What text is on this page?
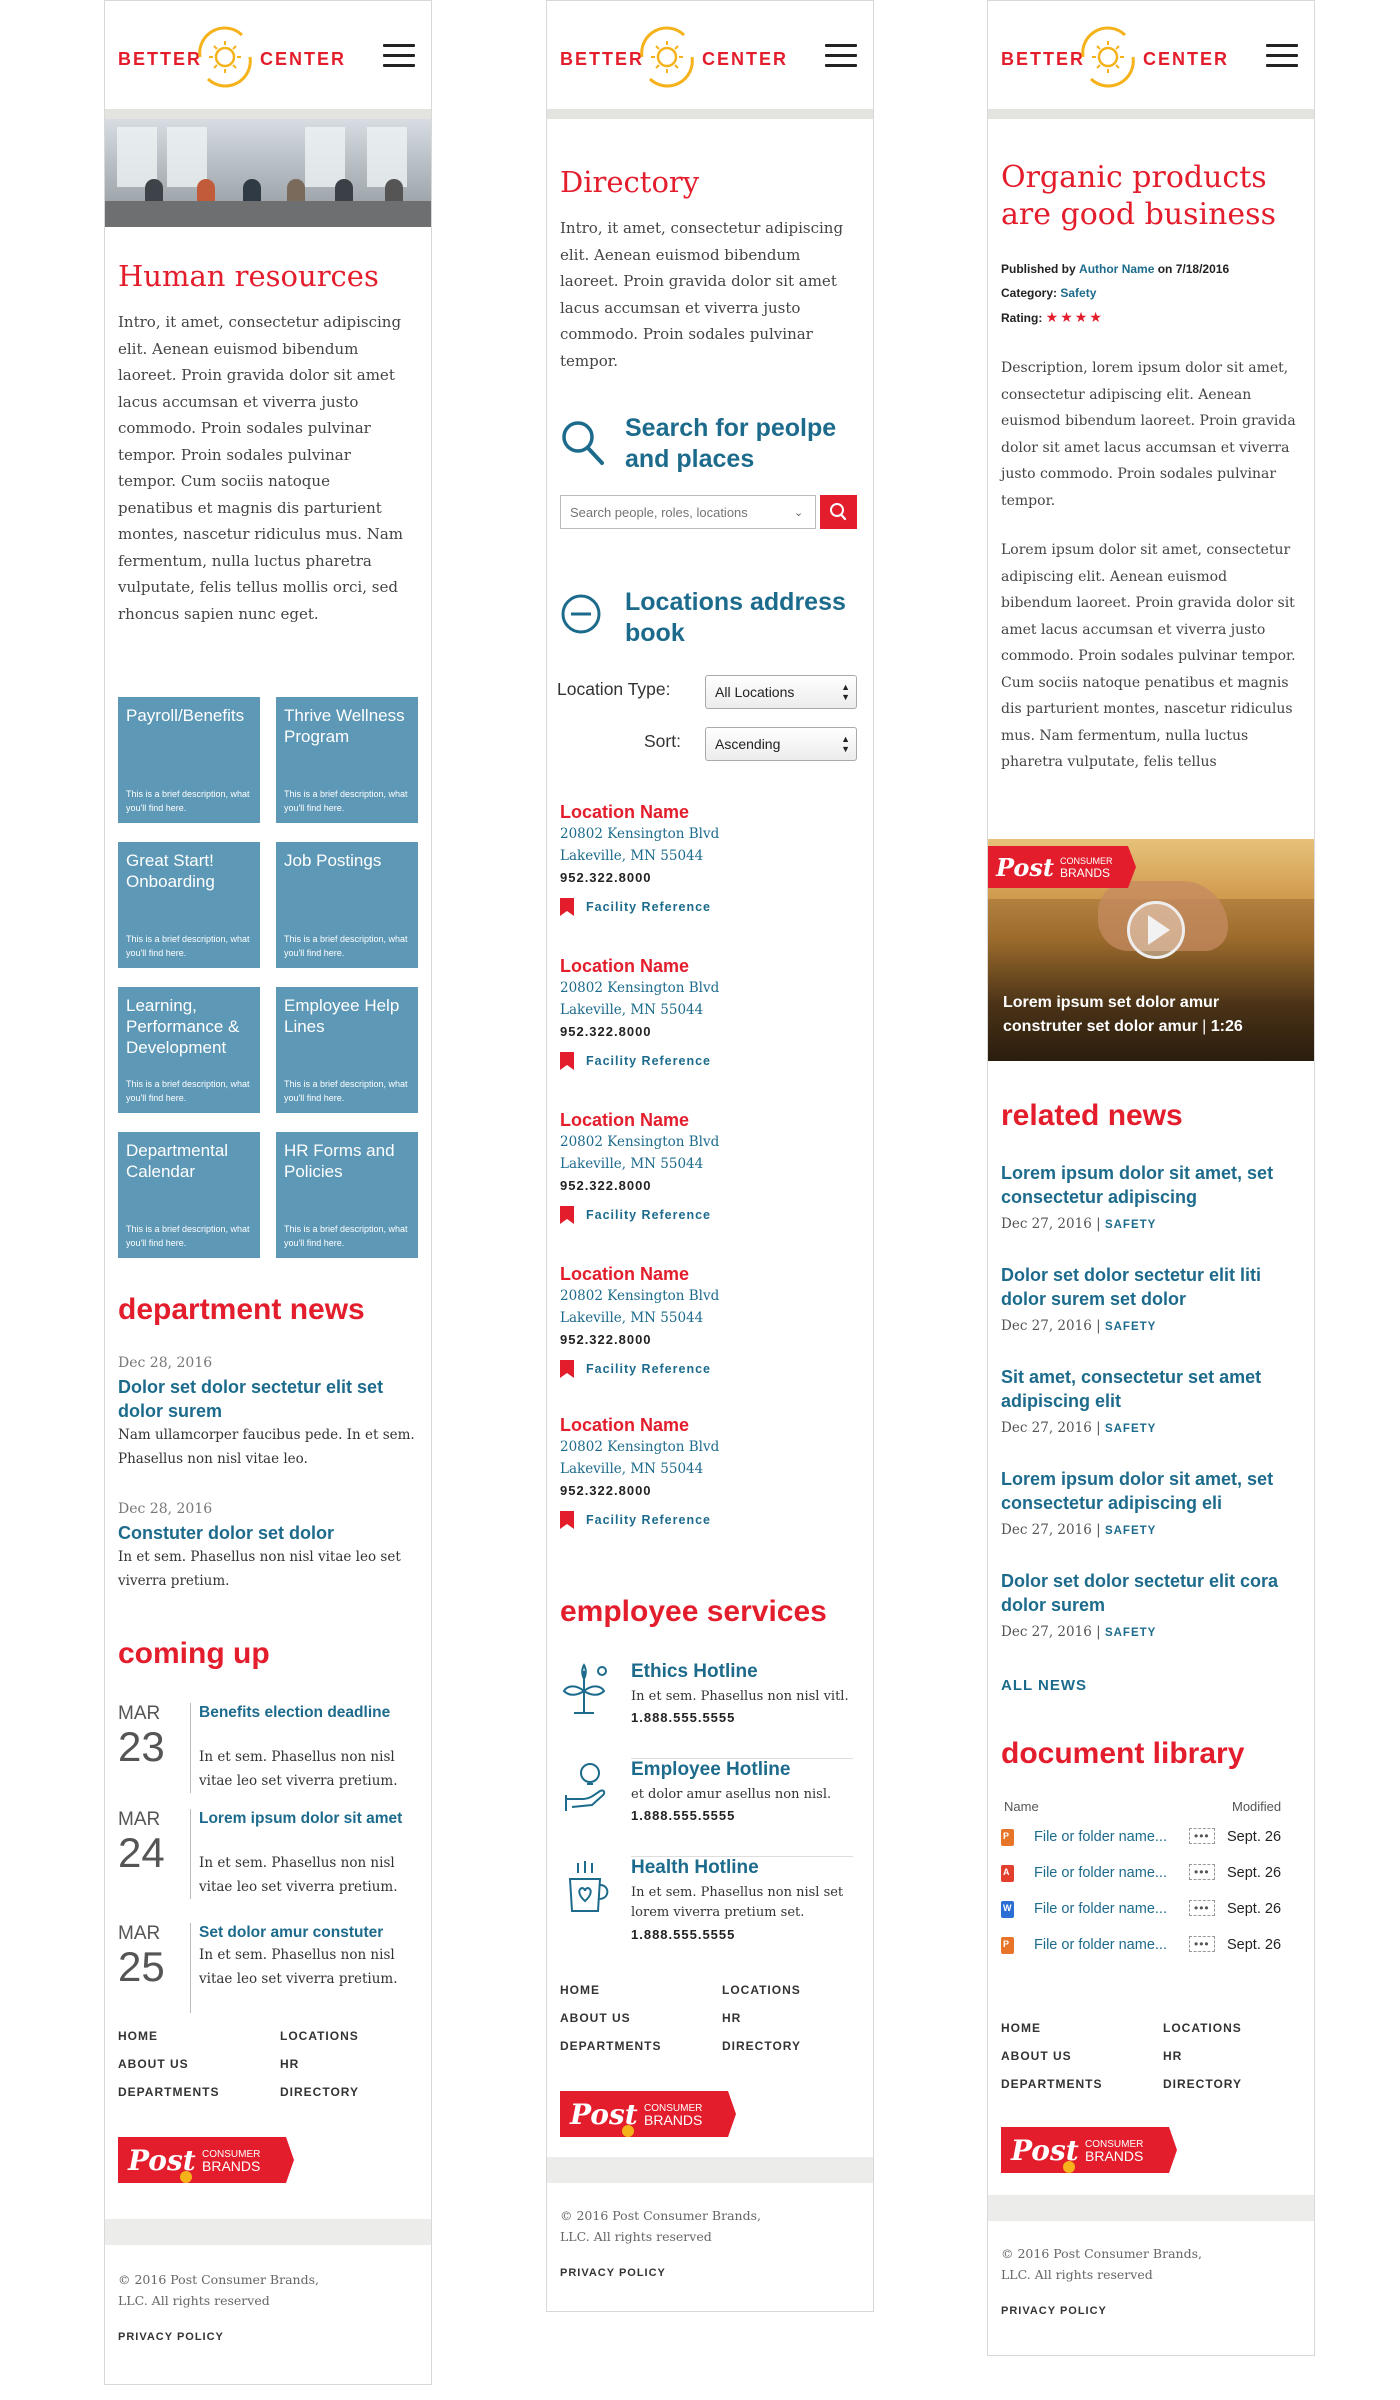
BETTER	CENTER
Human resources

Intro, it amet, consectetur adipiscing elit. Aenean euismod bibendum laoreet. Proin gravida dolor sit amet lacus accumsan et viverra justo commodo. Proin sodales pulvinar tempor. Proin sodales pulvinar tempor. Cum sociis natoque penatibus et magnis dis parturient montes, nascetur ridiculus mus. Nam fermentum, nulla luctus pharetra vulputate, felis tellus mollis orci, sed rhoncus sapien nunc eget.

Payroll/Benefits
This is a brief description, what you'll find here.
Thrive Wellness Program
This is a brief description, what you'll find here.
Great Start! Onboarding
This is a brief description, what you'll find here.
Job Postings
This is a brief description, what you'll find here.
Learning, Performance & Development
This is a brief description, what you'll find here.
Employee Help Lines
This is a brief description, what you'll find here.
Departmental Calendar
This is a brief description, what you'll find here.
HR Forms and Policies
This is a brief description, what you'll find here.
department news
Dec 28, 2016
Dolor set dolor sectetur elit set dolor surem
Nam ullamcorper faucibus pede. In et sem. Phasellus non nisl vitae leo.
Dec 28, 2016
Constuter dolor set dolor
In et sem. Phasellus non nisl vitae leo set viverra pretium.
coming up
MAR
23
Benefits election deadline
In et sem. Phasellus non nisl vitae leo set viverra pretium.
MAR
24
Lorem ipsum dolor sit amet
In et sem. Phasellus non nisl vitae leo set viverra pretium.
MAR
25
Set dolor amur constuter
In et sem. Phasellus non nisl vitae leo set viverra pretium.
HOME	LOCATIONS
ABOUT US	HR
DEPARTMENTS	DIRECTORY
Post CONSUMER
BRANDS
© 2016 Post Consumer Brands, LLC. All rights reserved
PRIVACY POLICY
BETTER	CENTER
Directory

Intro, it amet, consectetur adipiscing elit. Aenean euismod bibendum laoreet. Proin gravida dolor sit amet lacus accumsan et viverra justo commodo. Proin sodales pulvinar tempor.

Search for peolpe and places
Search people, roles, locations
⌄
Locations address book
Location Type:	All Locations	▲
▼
Sort:	Ascending	▲
▼
Location Name
20802 Kensington Blvd
Lakeville, MN 55044
952.322.8000
Facility Reference
Location Name
20802 Kensington Blvd
Lakeville, MN 55044
952.322.8000
Facility Reference
Location Name
20802 Kensington Blvd
Lakeville, MN 55044
952.322.8000
Facility Reference
Location Name
20802 Kensington Blvd
Lakeville, MN 55044
952.322.8000
Facility Reference
Location Name
20802 Kensington Blvd
Lakeville, MN 55044
952.322.8000
Facility Reference
employee services
Ethics Hotline
In et sem. Phasellus non nisl vitl.
1.888.555.5555
Employee Hotline
et dolor amur asellus non nisl.
1.888.555.5555
Health Hotline
In et sem. Phasellus non nisl set lorem viverra pretium set.
1.888.555.5555
HOME	LOCATIONS
ABOUT US	HR
DEPARTMENTS	DIRECTORY
Post CONSUMER
BRANDS
© 2016 Post Consumer Brands, LLC. All rights reserved
PRIVACY POLICY
BETTER	CENTER
Organic products are good business
Published by Author Name on 7/18/2016
Category: Safety
Rating: ★★★★

Description, lorem ipsum dolor sit amet, consectetur adipiscing elit. Aenean euismod bibendum laoreet. Proin gravida dolor sit amet lacus accumsan et viverra justo commodo. Proin sodales pulvinar tempor.

Lorem ipsum dolor sit amet, consectetur adipiscing elit. Aenean euismod bibendum laoreet. Proin gravida dolor sit amet lacus accumsan et viverra justo commodo. Proin sodales pulvinar tempor. Cum sociis natoque penatibus et magnis dis parturient montes, nascetur ridiculus mus. Nam fermentum, nulla luctus pharetra vulputate, felis tellus

Post CONSUMER
BRANDS
Lorem ipsum set dolor amur
construter set dolor amur | 1:26
related news
Lorem ipsum dolor sit amet, set consectetur adipiscing
Dec 27, 2016 | SAFETY
Dolor set dolor sectetur elit liti dolor surem set dolor
Dec 27, 2016 | SAFETY
Sit amet, consectetur set amet adipiscing elit
Dec 27, 2016 | SAFETY
Lorem ipsum dolor sit amet, set consectetur adipiscing eli
Dec 27, 2016 | SAFETY
Dolor set dolor sectetur elit cora dolor surem
Dec 27, 2016 | SAFETY
ALL NEWS
document library
Name	Modified
P File or folder name...	•••	Sept. 26
A File or folder name...	•••	Sept. 26
W File or folder name...	•••	Sept. 26
P File or folder name...	•••	Sept. 26
HOME	LOCATIONS
ABOUT US	HR
DEPARTMENTS	DIRECTORY
Post CONSUMER
BRANDS
© 2016 Post Consumer Brands, LLC. All rights reserved
PRIVACY POLICY
